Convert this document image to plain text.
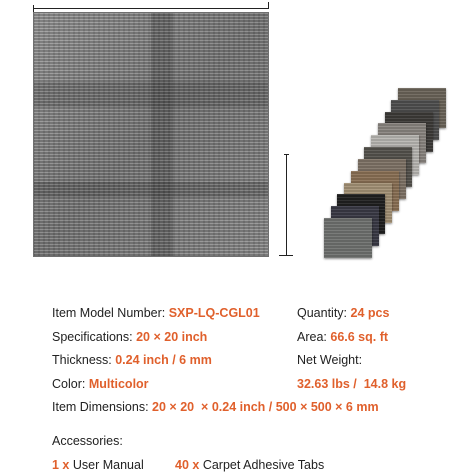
Item Model Number: SXP-LQ-CGL01	Quantity: 24 pcs
Specifications: 20 × 20 inch	Area: 66.6 sq. ft
Thickness: 0.24 inch / 6 mm	Net Weight:
Color: Multicolor	32.63 lbs /  14.8 kg
Item Dimensions: 20 × 20  × 0.24 inch / 500 × 500 × 6 mm
Accessories:
1 x User Manual	40 x Carpet Adhesive Tabs
